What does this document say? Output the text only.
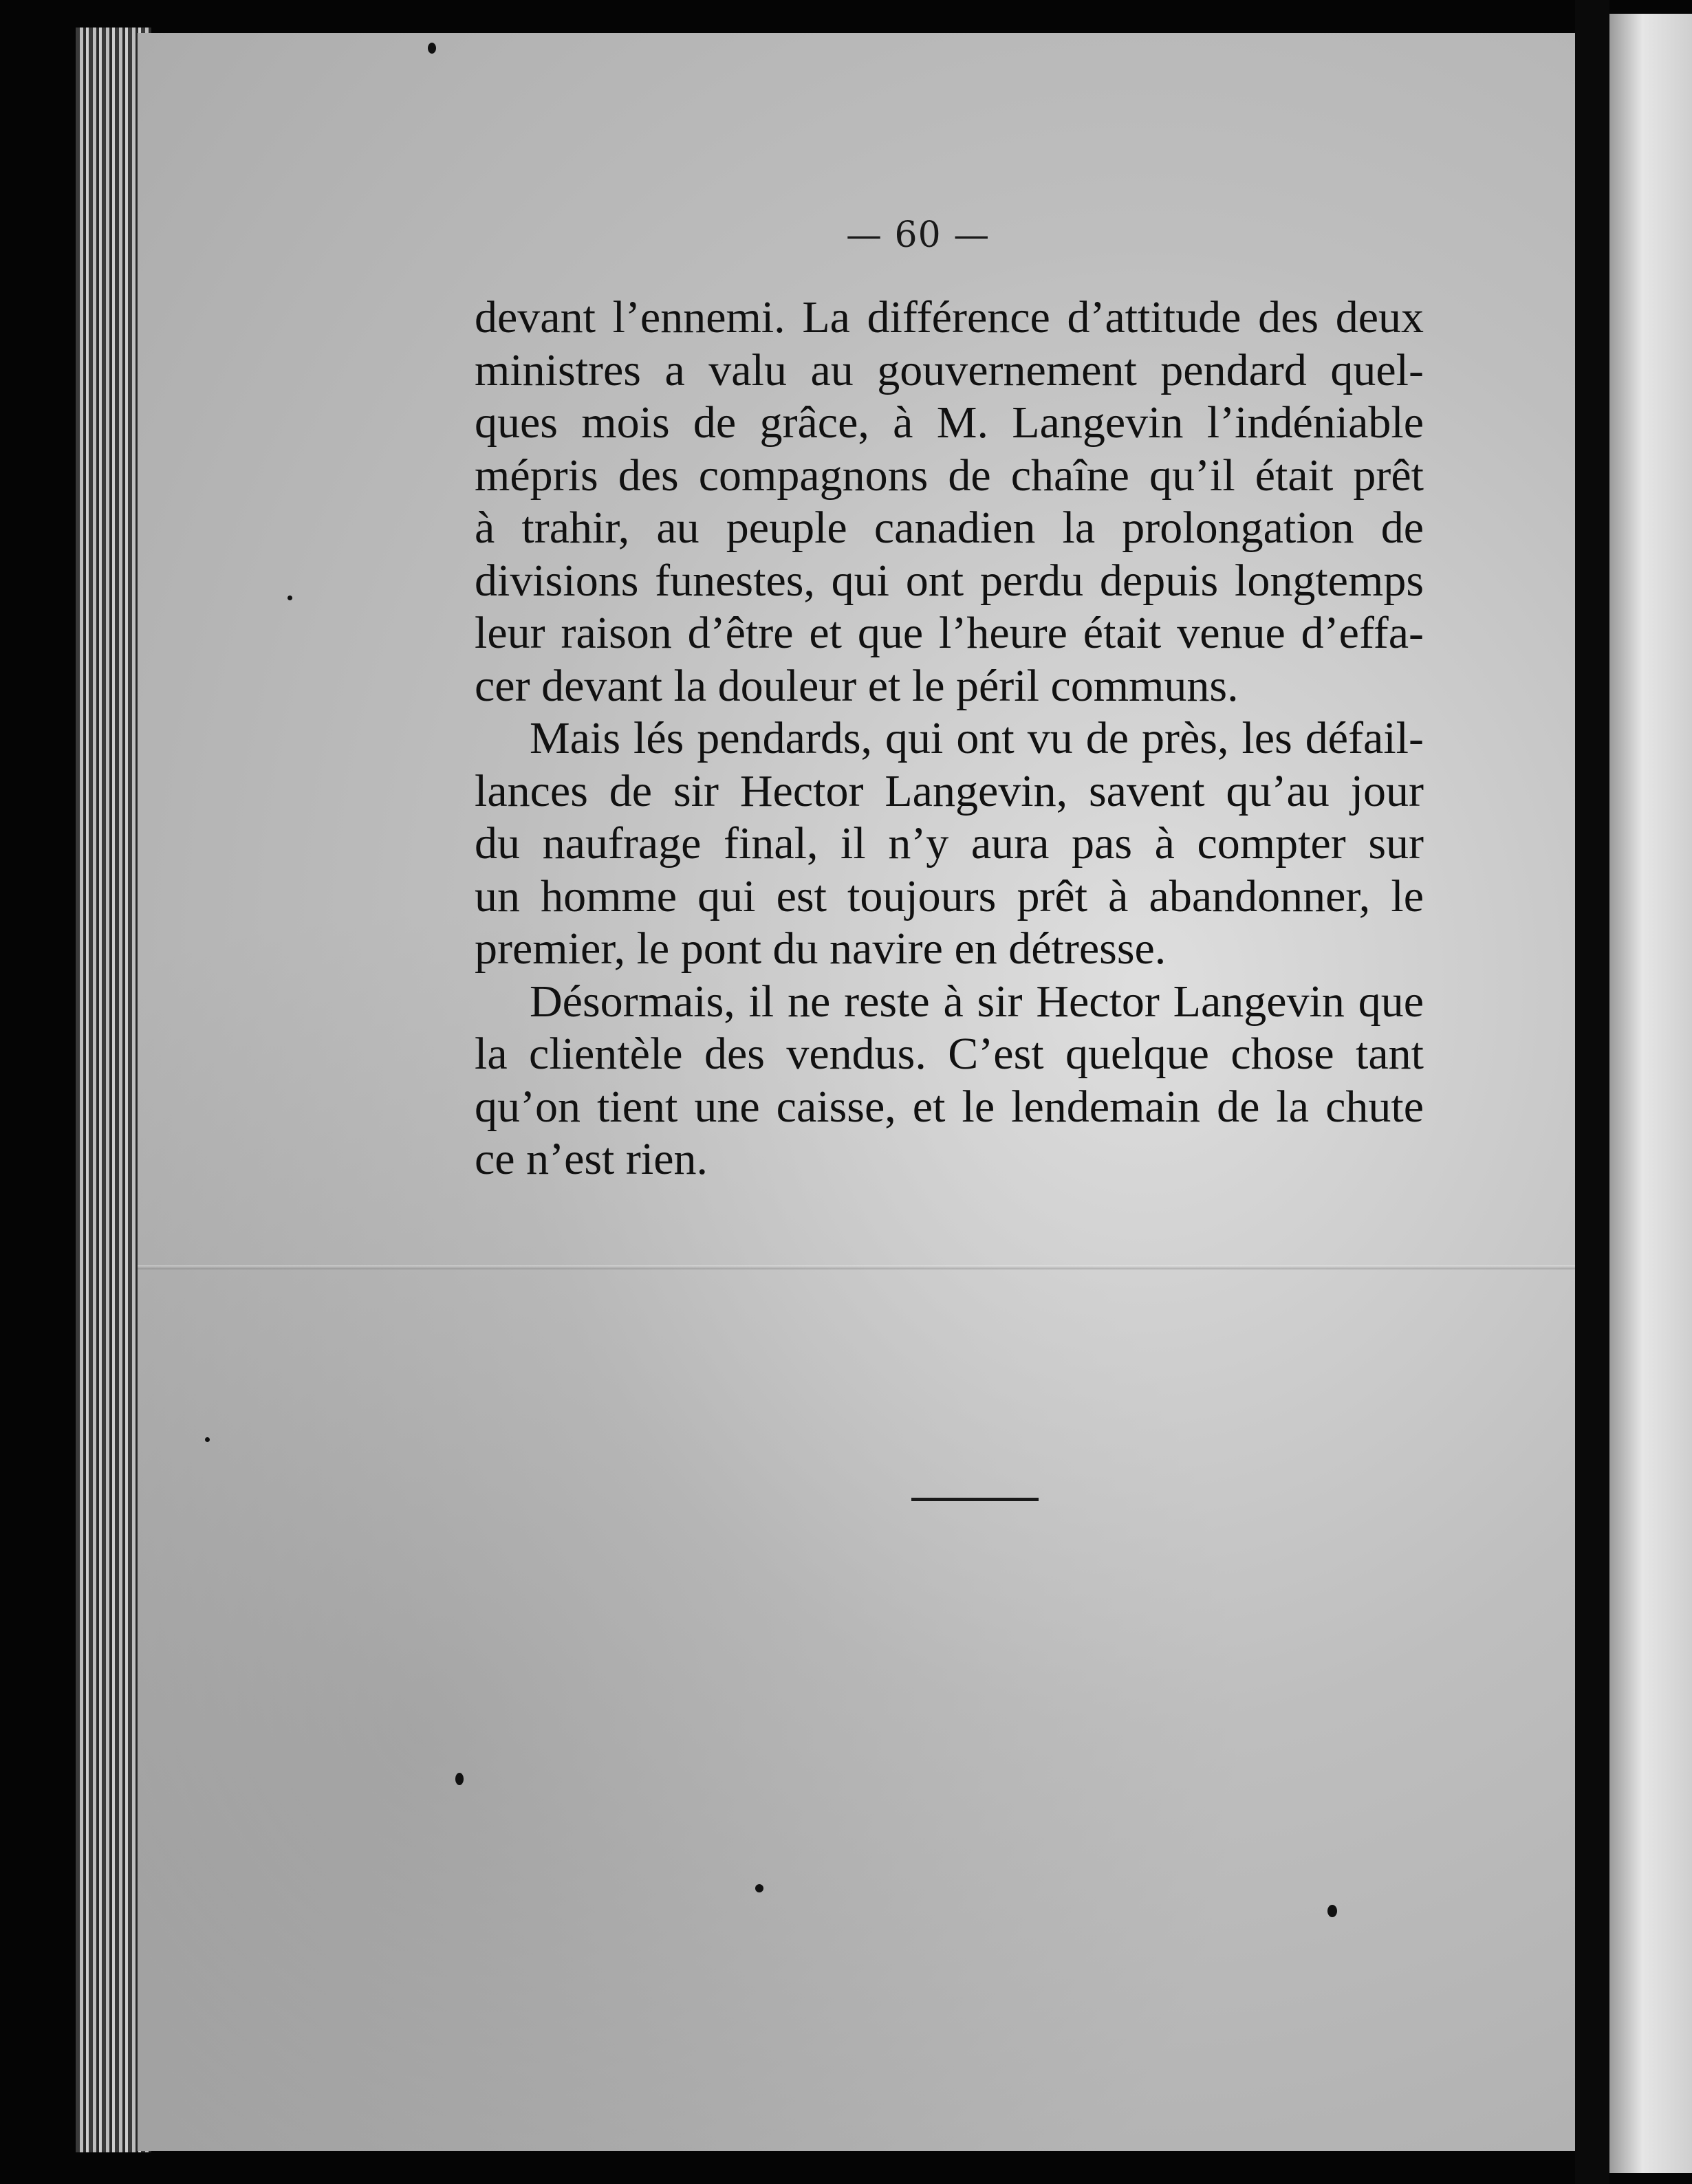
— 60 —
devant l’ennemi. La différence d’attitude des deux
ministres a valu au gouvernement pendard quel-
ques mois de grâce, à M. Langevin l’indéniable
mépris des compagnons de chaîne qu’il était prêt
à trahir, au peuple canadien la prolongation de
divisions funestes, qui ont perdu depuis longtemps
leur raison d’être et que l’heure était venue d’effa-
cer devant la douleur et le péril communs.
Mais lés pendards, qui ont vu de près, les défail-
lances de sir Hector Langevin, savent qu’au jour
du naufrage final, il n’y aura pas à compter sur
un homme qui est toujours prêt à abandonner, le
premier, le pont du navire en détresse.
Désormais, il ne reste à sir Hector Langevin que
la clientèle des vendus. C’est quelque chose tant
qu’on tient une caisse, et le lendemain de la chute
ce n’est rien.
